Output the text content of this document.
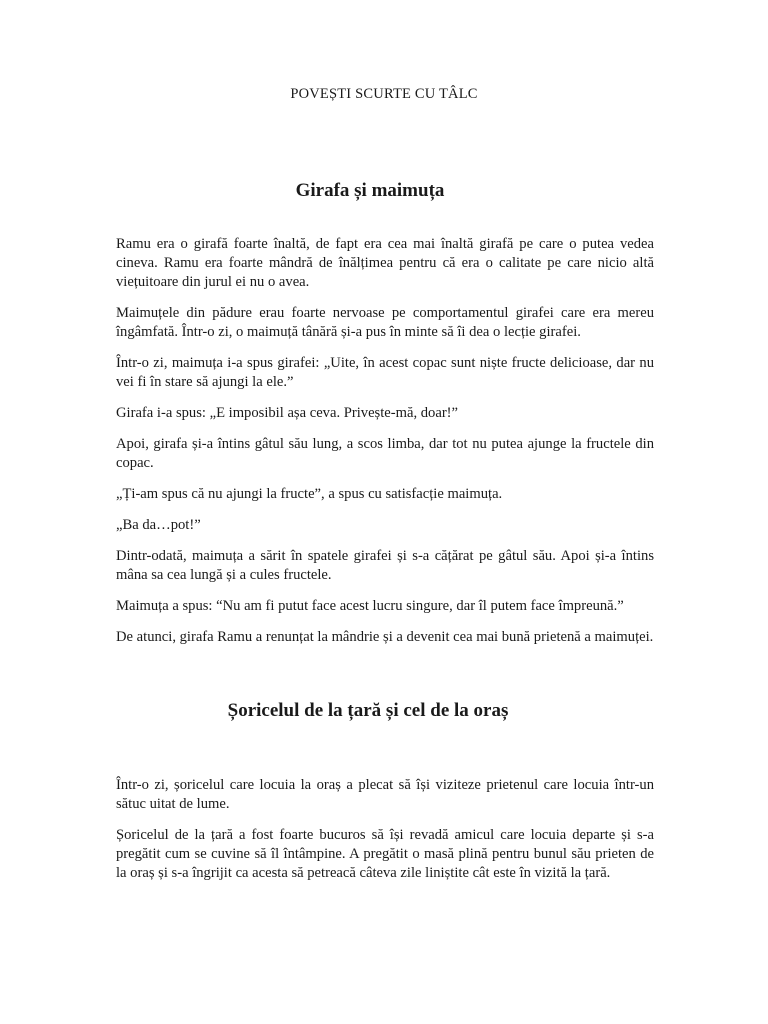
POVEȘTI SCURTE CU TÂLC
Girafa și maimuța

Ramu era o girafă foarte înaltă, de fapt era cea mai înaltă girafă pe care o putea vedea cineva. Ramu era foarte mândră de înălțimea pentru că era o calitate pe care nicio altă viețuitoare din jurul ei nu o avea.

Maimuțele din pădure erau foarte nervoase pe comportamentul girafei care era mereu îngâmfată. Într-o zi, o maimuță tânără și-a pus în minte să îi dea o lecție girafei.

Într-o zi, maimuța i-a spus girafei: „Uite, în acest copac sunt niște fructe delicioase, dar nu vei fi în stare să ajungi la ele.”

Girafa i-a spus: „E imposibil așa ceva. Privește-mă, doar!”

Apoi, girafa și-a întins gâtul său lung, a scos limba, dar tot nu putea ajunge la fructele din copac.

„Ți-am spus că nu ajungi la fructe”, a spus cu satisfacție maimuța.

„Ba da…pot!”

Dintr-odată, maimuța a sărit în spatele girafei și s-a cățărat pe gâtul său. Apoi și-a întins mâna sa cea lungă și a cules fructele.

Maimuța a spus: “Nu am fi putut face acest lucru singure, dar îl putem face împreună.”

De atunci, girafa Ramu a renunțat la mândrie și a devenit cea mai bună prietenă a maimuței.

Șoricelul de la țară și cel de la oraș

Într-o zi, șoricelul care locuia la oraș a plecat să își viziteze prietenul care locuia într-un sătuc uitat de lume.

Șoricelul de la țară a fost foarte bucuros să își revadă amicul care locuia departe și s-a pregătit cum se cuvine să îl întâmpine. A pregătit o masă plină pentru bunul său prieten de la oraș și s-a îngrijit ca acesta să petreacă câteva zile liniștite cât este în vizită la țară.
